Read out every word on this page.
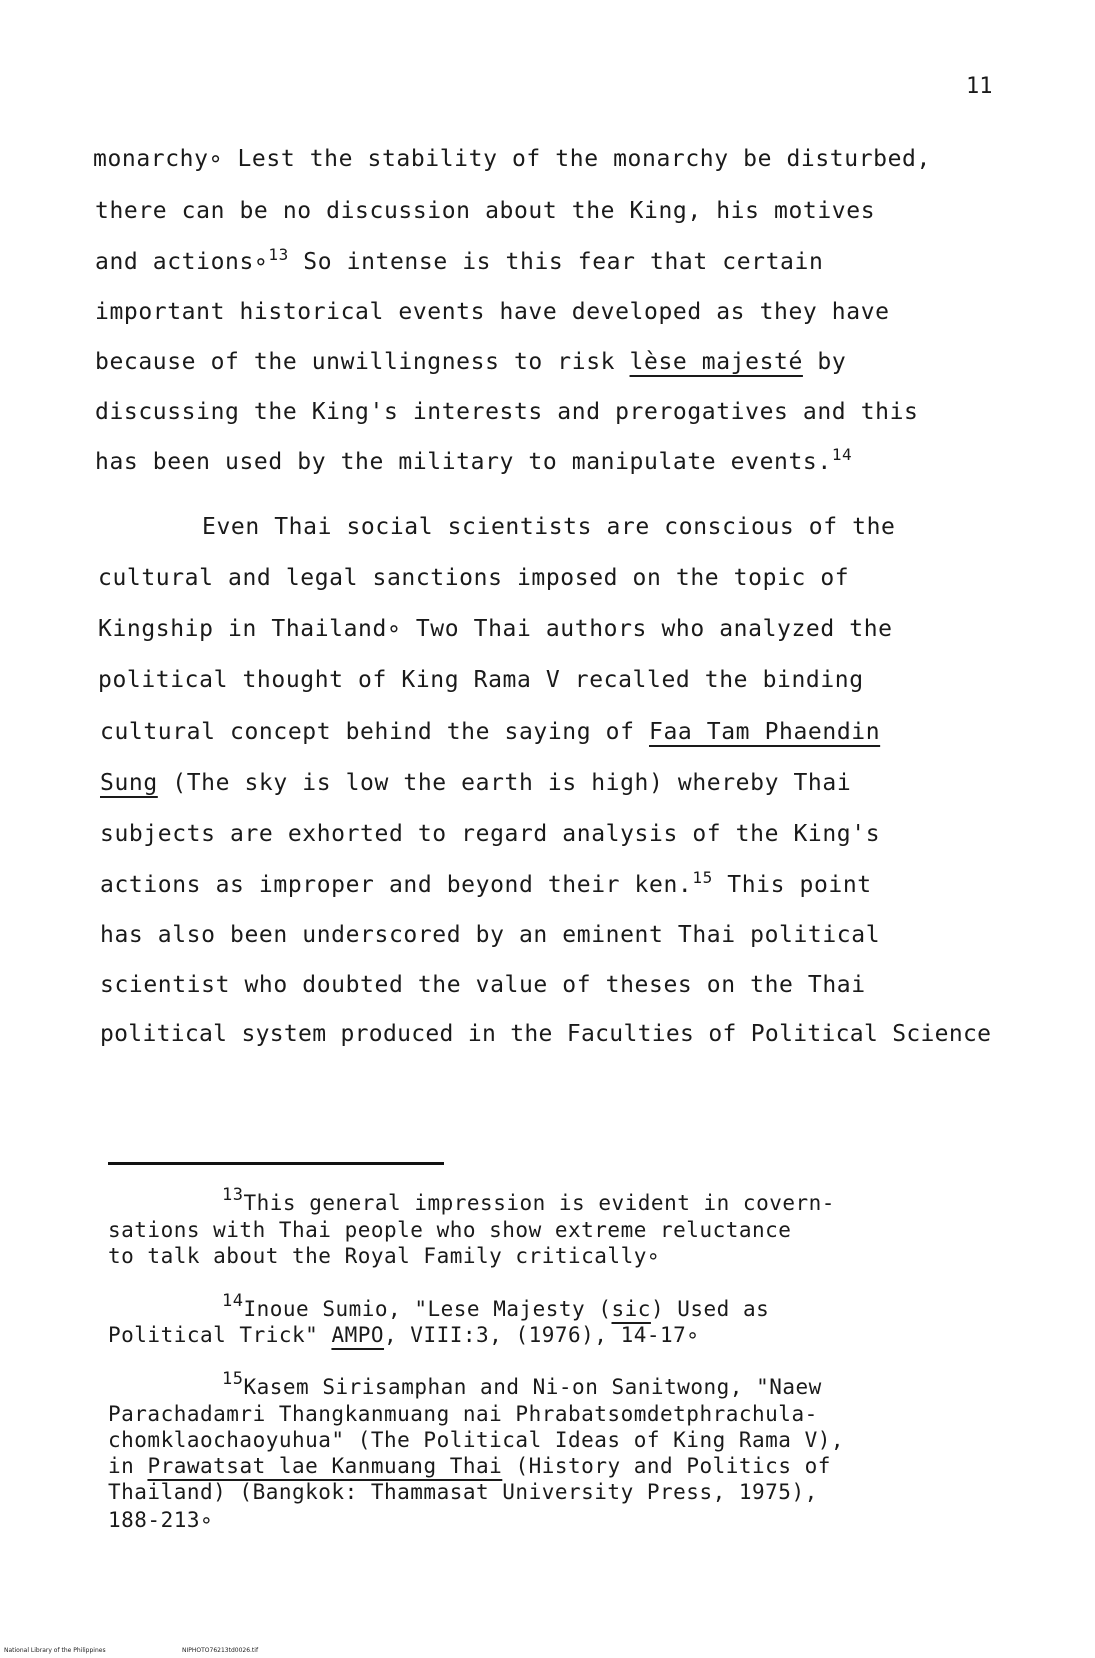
11
monarchy∘ Lest the stability of the monarchy be disturbed,
there can be no discussion about the King, his motives
and actions∘$^{13}$ So intense is this fear that certain
important historical events have developed as they have
because of the unwillingness to risk lèse majesté by
discussing the King's interests and prerogatives and this
has been used by the military to manipulate events.$^{14}$
Even Thai social scientists are conscious of the
cultural and legal sanctions imposed on the topic of
Kingship in Thailand∘ Two Thai authors who analyzed the
political thought of King Rama V recalled the binding
cultural concept behind the saying of Faa Tam Phaendin
Sung (The sky is low the earth is high) whereby Thai
subjects are exhorted to regard analysis of the King's
actions as improper and beyond their ken.$^{15}$ This point
has also been underscored by an eminent Thai political
scientist who doubted the value of theses on the Thai
political system produced in the Faculties of Political Science
$^{13}$This general impression is evident in covern-
sations with Thai people who show extreme reluctance
to talk about the Royal Family critically∘
$^{14}$Inoue Sumio, "Lese Majesty (sic) Used as
Political Trick" AMPO, VIII:3, (1976), 14-17∘
$^{15}$Kasem Sirisamphan and Ni-on Sanitwong, "Naew
Parachadamri Thangkanmuang nai Phrabatsomdetphrachula-
chomklaochaoyuhua" (The Political Ideas of King Rama V),
in Prawatsat lae Kanmuang Thai (History and Politics of
Thailand) (Bangkok: Thammasat University Press, 1975),
188-213∘
National Library of the Philippines	NIPHOTO76213td0026.tif
